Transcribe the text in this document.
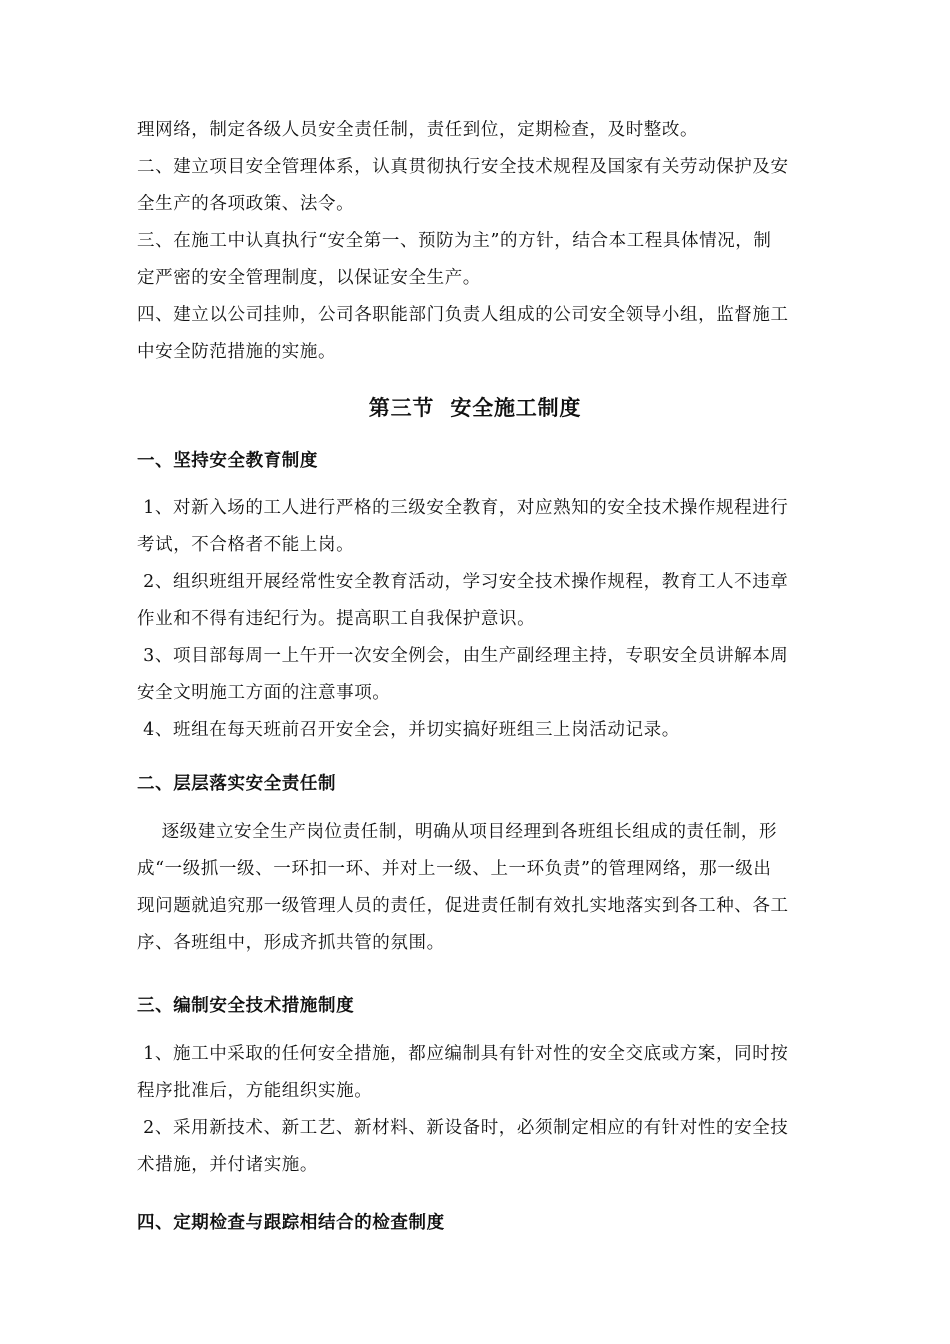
理网络，制定各级人员安全责任制，责任到位，定期检查，及时整改。
二、建立项目安全管理体系，认真贯彻执行安全技术规程及国家有关劳动保护及安
全生产的各项政策、法令。
三、在施工中认真执行“安全第一、预防为主”的方针，结合本工程具体情况，制
定严密的安全管理制度，以保证安全生产。
四、建立以公司挂帅，公司各职能部门负责人组成的公司安全领导小组，监督施工
中安全防范措施的实施。
第三节  安全施工制度
一、坚持安全教育制度
1、对新入场的工人进行严格的三级安全教育，对应熟知的安全技术操作规程进行
考试，不合格者不能上岗。
2、组织班组开展经常性安全教育活动，学习安全技术操作规程，教育工人不违章
作业和不得有违纪行为。提高职工自我保护意识。
3、项目部每周一上午开一次安全例会，由生产副经理主持，专职安全员讲解本周
安全文明施工方面的注意事项。
4、班组在每天班前召开安全会，并切实搞好班组三上岗活动记录。
二、层层落实安全责任制
逐级建立安全生产岗位责任制，明确从项目经理到各班组长组成的责任制，形
成“一级抓一级、一环扣一环、并对上一级、上一环负责”的管理网络，那一级出
现问题就追究那一级管理人员的责任，促进责任制有效扎实地落实到各工种、各工
序、各班组中，形成齐抓共管的氛围。
三、编制安全技术措施制度
1、施工中采取的任何安全措施，都应编制具有针对性的安全交底或方案，同时按
程序批准后，方能组织实施。
2、采用新技术、新工艺、新材料、新设备时，必须制定相应的有针对性的安全技
术措施，并付诸实施。
四、定期检查与跟踪相结合的检查制度
